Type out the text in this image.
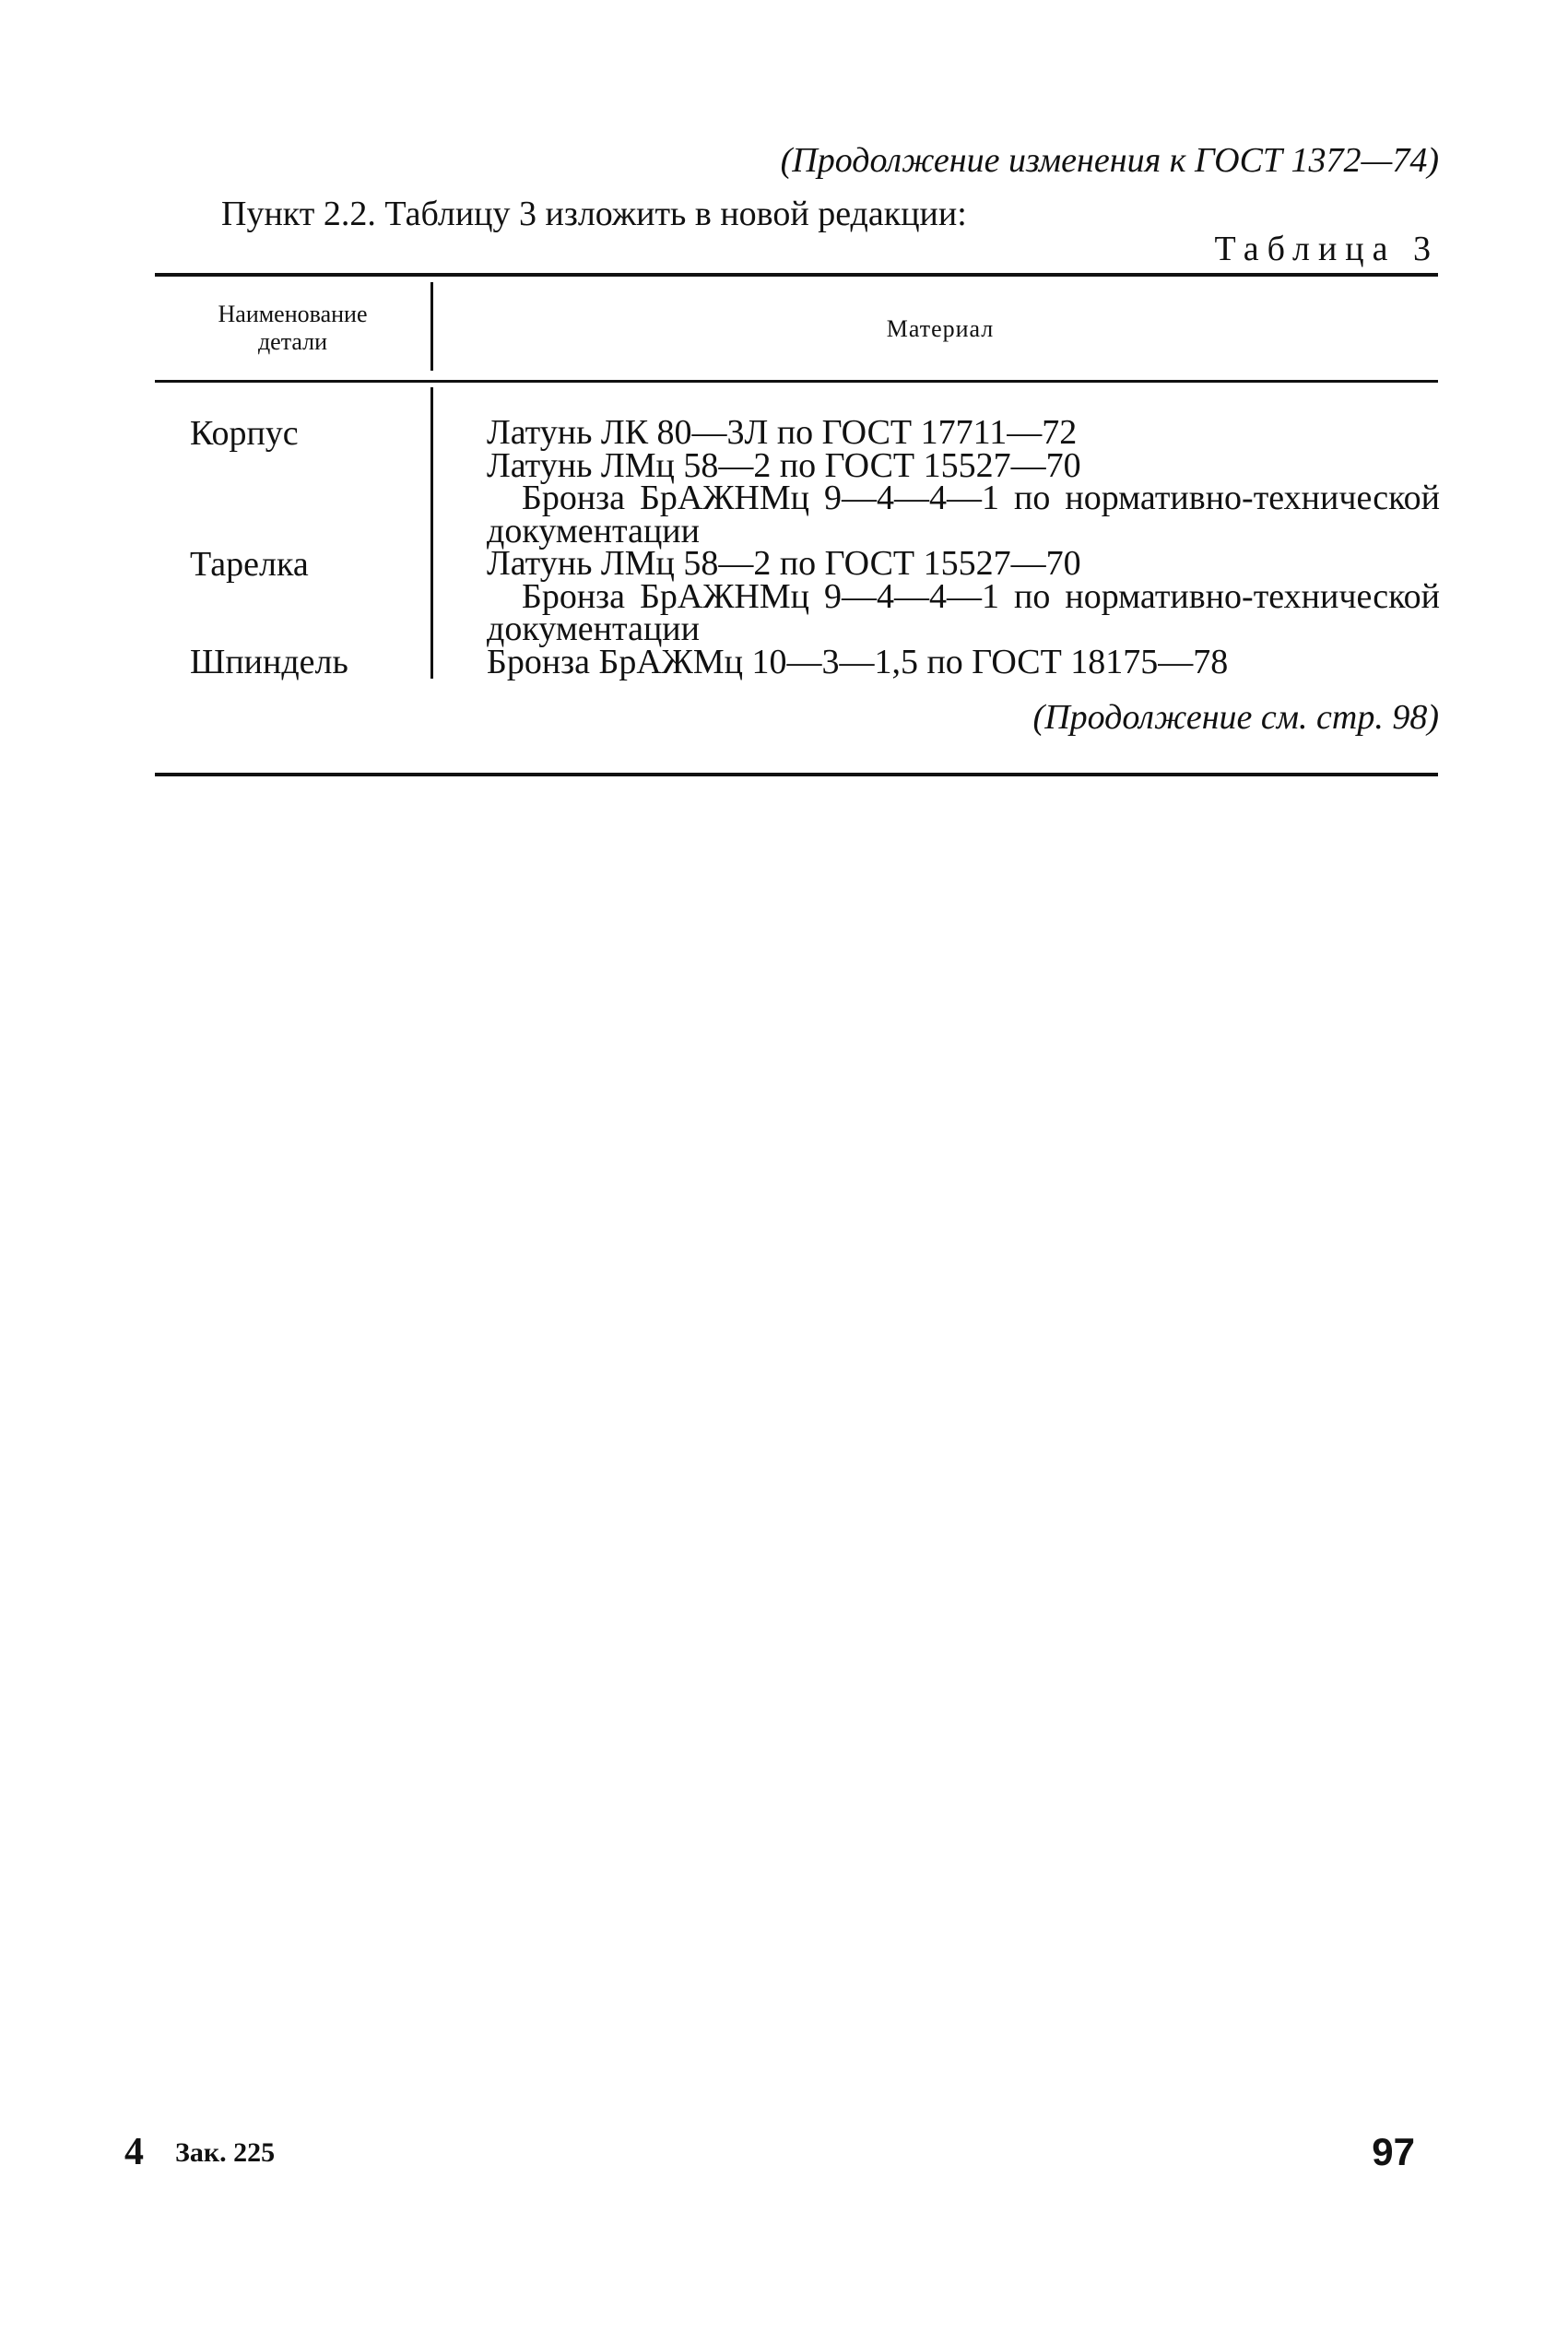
(Продолжение изменения к ГОСТ 1372—74)
Пункт 2.2. Таблицу 3 изложить в новой редакции:
Таблица 3
Наименование детали	Материал
Корпус
Тарелка
Шпиндель
Латунь ЛК 80—3Л по ГОСТ 17711—72
Латунь ЛМц 58—2 по ГОСТ 15527—70
Бронза БрАЖНМц 9—4—4—1 по нормативно-технической документации
Латунь ЛМц 58—2 по ГОСТ 15527—70
Бронза БрАЖНМц 9—4—4—1 по нормативно-технической документации
Бронза БрАЖМц 10—3—1,5 по ГОСТ 18175—78
(Продолжение см. стр. 98)
4 Зак. 225	97
